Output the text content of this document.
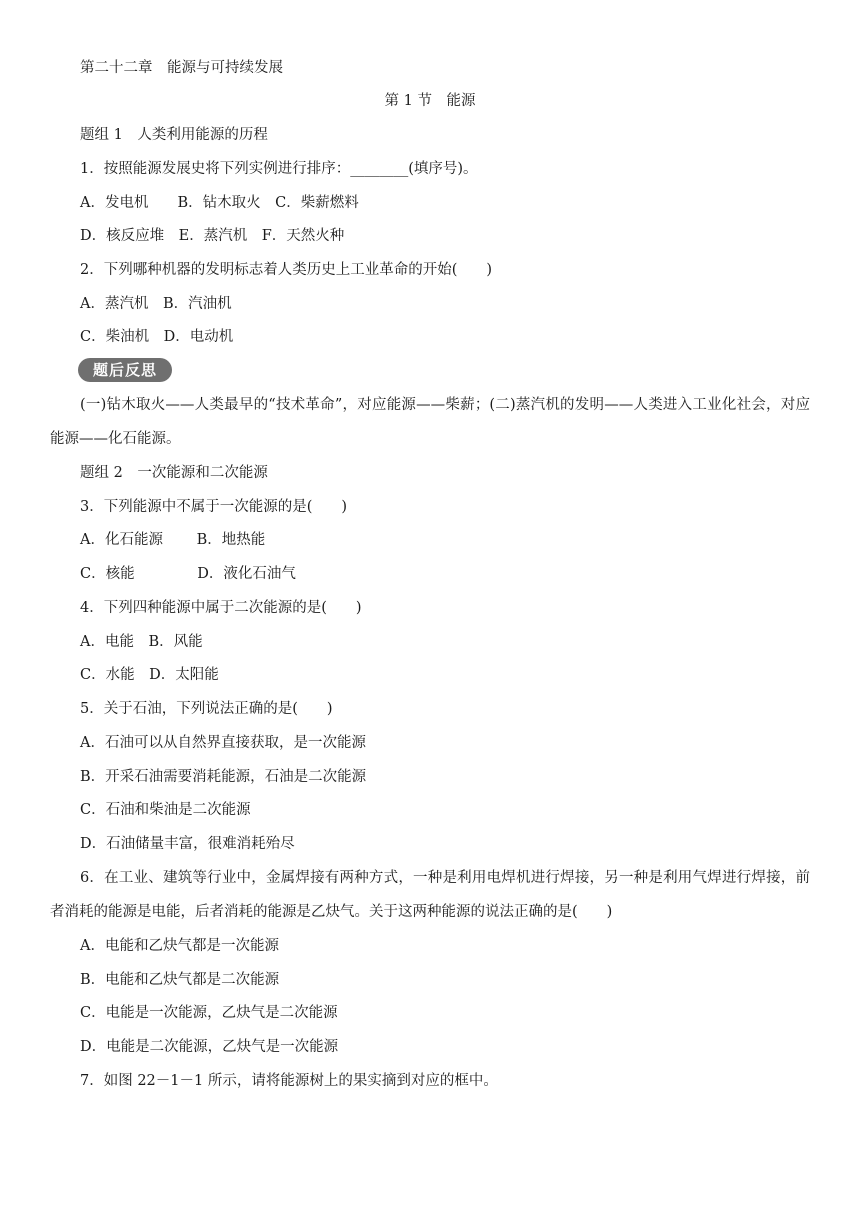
第二十二章　能源与可持续发展
第 1 节　能源
题组 1　人类利用能源的历程
1．按照能源发展史将下列实例进行排序：________(填序号)。
A．发电机　　B．钻木取火　C．柴薪燃料
D．核反应堆　E．蒸汽机　F．天然火种
2．下列哪种机器的发明标志着人类历史上工业革命的开始(　　)
A．蒸汽机　B．汽油机
C．柴油机　D．电动机
题后反思
(一)钻木取火——人类最早的“技术革命”，对应能源——柴薪；(二)蒸汽机的发明——人类进入工业化社会，对应能源——化石能源。
题组 2　一次能源和二次能源
3．下列能源中不属于一次能源的是(　　)
A．化石能源　　 B．地热能
C．核能　　　　 D．液化石油气
4．下列四种能源中属于二次能源的是(　　)
A．电能　B．风能
C．水能　D．太阳能
5．关于石油，下列说法正确的是(　　)
A．石油可以从自然界直接获取，是一次能源
B．开采石油需要消耗能源，石油是二次能源
C．石油和柴油是二次能源
D．石油储量丰富，很难消耗殆尽
6．在工业、建筑等行业中，金属焊接有两种方式，一种是利用电焊机进行焊接，另一种是利用气焊进行焊接，前者消耗的能源是电能，后者消耗的能源是乙炔气。关于这两种能源的说法正确的是(　　)
A．电能和乙炔气都是一次能源
B．电能和乙炔气都是二次能源
C．电能是一次能源，乙炔气是二次能源
D．电能是二次能源，乙炔气是一次能源
7．如图 22－1－1 所示，请将能源树上的果实摘到对应的框中。
